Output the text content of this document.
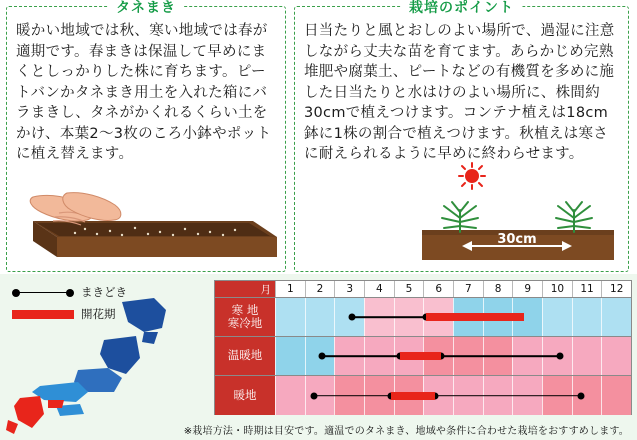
タネまき

暖かい地域では秋、寒い地域では春が適期です。春まきは保温して早めにまくとしっかりした株に育ちます。ピートバンかタネまき用土を入れた箱にバラまきし、タネがかくれるくらい土をかけ、本葉2～3枚のころ小鉢やポットに植え替えます。

栽培のポイント

日当たりと風とおしのよい場所で、過湿に注意しながら丈夫な苗を育てます。あらかじめ完熟堆肥や腐葉土、ピートなどの有機質を多めに施した日当たりと水はけのよい場所に、株間約30cmで植えつけます。コンテナ植えは18cm鉢に1株の割合で植えつけます。秋植えは寒さに耐えられるように早めに終わらせます。

30cm
まきどき
開花期
月	1	2	3	4	5	6	7	8	9	10	11	12
寒 地
寒冷地
温暖地
暖地
※栽培方法・時期は目安です。適温でのタネまき、地域や条件に合わせた栽培をおすすめします。
